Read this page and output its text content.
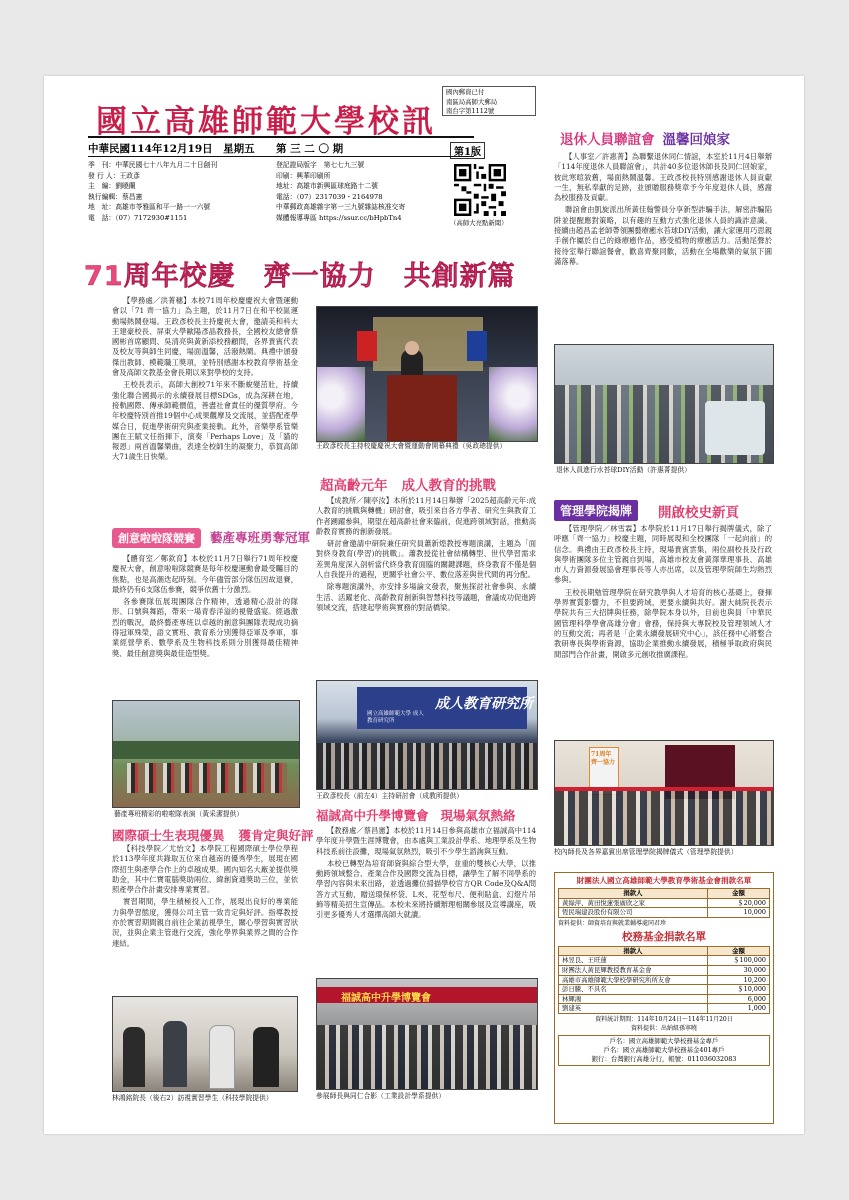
國立高雄師範大學校訊
國內郵資已付
南區局高師大郵局
南台字第1112號
中華民國114年12月19日　星期五 第 三 二 〇 期	第1版
季　刊：中華民國七十八年九月二十日創刊
發 行 人：王政彥
主　編：劉曉蘭
執行編輯：蔡昌憲
地　址：高雄市苓雅區和平一路一一六號
電　話：（07）7172930#1151
登記證局版字　第七七九三號
印刷：興華印刷所
地址：高雄市新興區球庭路十二號
電話：（07）2317039・2164978
中華郵政高雄雜字第一三九號雜誌核准交寄
媒體報導專區 https://ssur.cc/bHpbTn4
（高師大亮點新聞）
71周年校慶　齊一協力　共創新篇

【學務處／洪菁穗】本校71周年校慶慶祝大會暨運動會以「71 齊一協力」為主題，於11月7日在和平校區運動場熱鬧登場。王政彥校長主持慶祝大會，邀請美和科大王建豪校長、屏東大學歐陽彥晶教務長，全國校友總會蔡國彬首席顧問、吳清亮與黃新添校務顧問，各界貴賓代表及校友等與師生同慶，場面溫馨，活潑熱鬧。典禮中頒發傑出教師、模範職工獎項，並特別感謝本校教育學術基金會及高師文教基金會長期以來對學校的支持。

王校長表示，高師大創校71年來不斷蛻變茁壯，持續強化聯合國揭示的永續發展目標SDGs，成為深耕在地，接軌國際、傳承師範價值，善盡社會責任的優質學府。今年校慶特別首推19個中心成果觀摩及交流展，並搭配產學媒合日，促進學術研究與產業接軌。此外，音樂學系管樂團在王賦文任指揮下，演奏「Perhaps Love」及「貓的報恩」兩首溫馨樂曲，表達全校師生的凝聚力，恭賀高師大71歲生日快樂。

王政彥校長主持校慶慶祝大會暨運動會開幕典禮（吳政璁提供）
創意啦啦隊競賽	藝產專班勇奪冠軍

【體育室／鄭欽育】本校於11月7日舉行71周年校慶慶祝大會，創意啦啦隊競賽是每年校慶運動會最受矚目的焦點，也是高潮迭起時刻。今年儘管部分隊伍因故退賽，最終仍有6支隊伍參賽，競爭依舊十分激烈。

各參賽隊伍展現團隊合作精神，透過精心設計的隊形、口號與舞蹈，帶來一場青春洋溢的視覺盛宴。經過激烈的戰況，最終藝產專班以卓越的創意與團隊表現成功摘得冠軍殊榮，語文實班、教育系分別獲得亞軍及季軍，事業經營學系、數學系及生物科技系則分別獲得最佳精神獎、最佳創意獎與最佳造型獎。

藝產專班精彩的啦啦隊表演（黃采潔提供）
國際碩士生表現優異 獲肯定與好評

【科技學院／尤怡文】本學院工程國際碩士學位學程於113學年度共錄取五位來自越南的優秀學生，展現在國際招生與產學合作上的卓越成果。國內知名大廠並提供獎助金，其中仁寶電腦獎助兩位、緯創資通獎助三位，並依照產學合作計畫安排專業實習。

實習期間，學生積極投入工作，展現出良好的專業能力與學習態度，獲得公司主管一致肯定與好評。指導教授亦於實習期間親自前往企業訪視學生，關心學習與實習狀況，並與企業主管進行交流，強化學界與業界之間的合作連結。

林鴻銘院長（後右2）訪視實習學生（科技學院提供）
超高齡元年 成人教育的挑戰

【成教所／陳亭汝】本所於11月14日舉辦「2025超高齡元年:成人教育的挑戰與轉機」研討會，吸引來自各方學者、研究生與教育工作者踴躍參與，期望在超高齡社會來臨前，促進跨領域對話，推動高齡教育實務的創新發展。

研討會邀請中研院兼任研究員蕭新煌教授專題演講，主題為「面對終身教育(學習)的挑戰」。蕭教授從社會結構轉型、世代學習需求差異角度深入剖析當代終身教育面臨的關鍵課題，終身教育不僅是個人自我提升的過程，更關乎社會公平、數位落差與世代間的再分配。

除專題演講外，亦安排多場論文發表，聚焦探討社會參與、永續生活、活躍老化、高齡教育創新與智慧科技等議題，會議成功促進跨領域交流，搭建起學術與實務的對話橋梁。

國立高雄師範大學 成人教育研究所
成人教育研究所
王政彥校長（前左4）主持研討會（成教所提供）
福誠高中升學博覽會 現場氣氛熱絡

【教務處／蔡昌憲】本校於11月14日參與高雄市立福誠高中114學年度升學暨生涯博覽會，由本處與工業設計學系、地理學系及生物科技系前往設攤，現場氣氛熱烈，吸引不少學生諮詢與互動。

本校已轉型為培育師資與綜合型大學，並重的雙核心大學，以推動跨領域整合、產業合作及國際交流為目標，讓學生了解不同學系的學習內容與未來出路，並透過攤位掃描學校官方QR Code及Q&A問答方式互動，贈送環保杯袋、L夾、花型布尺、便利貼盒、幻燈片吊飾等精美招生宣傳品。本校未來將持續辦理相關參展及宣導講座，吸引更多優秀人才選擇高師大就讀。

福誠高中升學博覽會
參展師長與同仁合影（工業設計學系提供）
退休人員聯誼會 溫馨回娘家

【人事室／許惠菁】為聯繫退休同仁情誼，本室於11月4日舉辦「114年度退休人員聯誼會」，共計40多位退休師長及同仁回娘家，彼此寒暄敘舊，場面熱鬧溫馨。王政彥校長特別感謝退休人員貢獻一生，無私奉獻的足跡，並頒贈服務獎章予今年度退休人員，感謝為校服務及貢獻。

聯誼會由凱旋派出所黃佳翰警員分享新型詐騙手法，解密詐騙陷阱並提醒應對策略，以有趣的互動方式強化退休人員的識詐意識。接續由趙昌孟老師帶領團藝療癒水苔球DIY活動，讓大家運用巧思親手創作屬於自己的綠療癒作品，感受植物的療癒活力。活動尾聲於接待室舉行聯誼餐會，歡喜齊聚同歡，活動在全場歡樂的氣氛下圓滿落幕。

退休人員進行水苔球DIY活動（許惠菁提供）
管理學院揭牌	開啟校史新頁

【管理學院／林雪霖】本學院於11月17日舉行揭牌儀式，除了呼應「齊一協力」校慶主題，同時展現和全校團隊「一起向前」的信念。典禮由王政彥校長主持，現場貴賓雲集，兩位副校長及行政與學術團隊多位主管親自到場，高雄市校友會黃澤華理事長、高雄市人力資源發展協會理事長等人亦出席，以及管理學院師生均熱烈參與。

王校長期勉管理學院在研究教學與人才培育的核心基礎上，發揮學界實質影響力，不但要跨域，更要永續與共好。謝大純院長表示學院共有三大招牌與任務，除學院本身以外，目前也與員「中華民國管理科學學會高雄分會」會務，保持與大專院校及管理領域人才的互動交流；再者是「企業永續發展研究中心」，該任務中心將整合教研專長與學術資源，協助企業推動永續發展，積極爭取政府與民間部門合作計畫，開啟多元創收推廣課程。

71周年 齊一協力
校內師長及各界嘉賓出席管理學院揭牌儀式（管理學院提供）
財團法人國立高雄師範大學教育學術基金會捐款名單
捐款人	金額
黃綠萍、黃田悅蓮張廣欣之家	＄20,000
恆民瑞建設股份有限公司	10,000
資料提供：師資培育與就業輔導處同君珍
校務基金捐款名單
捐款人	金額
林昱良、王旺蓮	＄100,000
財團法人黃昆輝教授教育基金會	30,000
高雄市高雄師範大學校學研究所所友會	10,200
彭日騰、不具名	＄10,000
林輝鴻	6,000
劉建英	1,000
資料統計期間：114年10月24日〜114年11月20日
資料提供：出納組孫寧曉
戶名：國立高雄師範大學校務基金專戶
戶名：國立高雄師範大學校務基金401專戶
銀行：台灣銀行高雄分行，帳號：011036032083
